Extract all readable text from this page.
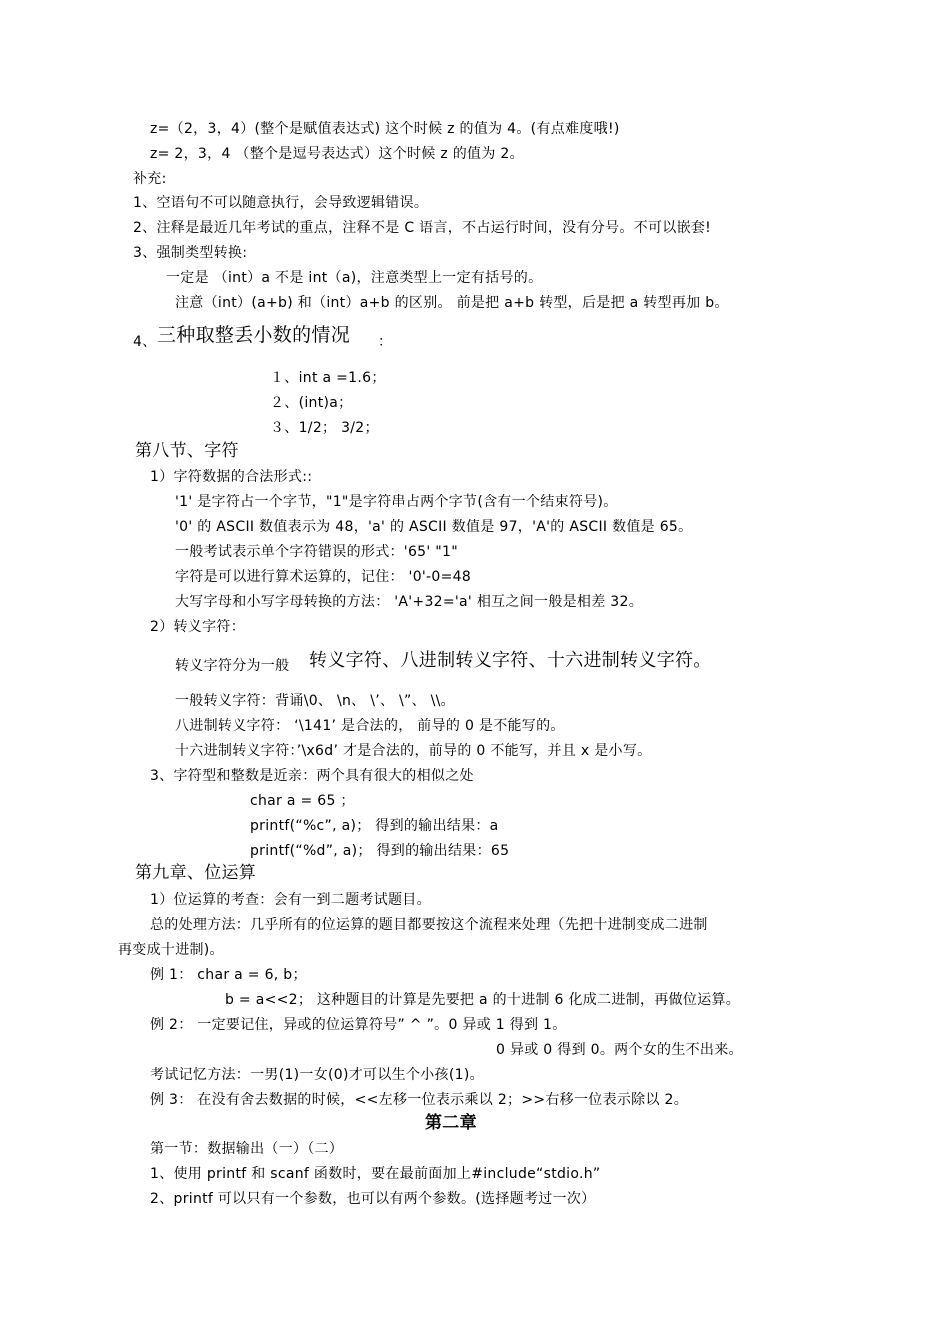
z=（2，3，4）(整个是赋值表达式) 这个时候 z 的值为 4。(有点难度哦!)
z= 2，3，4 （整个是逗号表达式）这个时候 z 的值为 2。
补充:
1、空语句不可以随意执行，会导致逻辑错误。
2、注释是最近几年考试的重点，注释不是 C 语言，不占运行时间，没有分号。不可以嵌套!
3、强制类型转换:
一定是 （int）a 不是 int（a)，注意类型上一定有括号的。
注意（int）(a+b) 和（int）a+b 的区别。 前是把 a+b 转型，后是把 a 转型再加 b。
4、 三种取整丢小数的情况 ：
１、int a =1.6；
２、(int)a；
３、1/2； 3/2；
第八节、字符
1）字符数据的合法形式::
'1' 是字符占一个字节，"1"是字符串占两个字节(含有一个结束符号)。
'0' 的 ASCII 数值表示为 48，'a' 的 ASCII 数值是 97，'A'的 ASCII 数值是 65。
一般考试表示单个字符错误的形式：'65' "1"
字符是可以进行算术运算的，记住： '0'-0=48
大写字母和小写字母转换的方法： 'A'+32='a' 相互之间一般是相差 32。
2）转义字符：
转义字符分为一般 转义字符、八进制转义字符、十六进制转义字符。
一般转义字符：背诵\0、 \n、 \’、 \”、 \\。
八进制转义字符： ‘\141’ 是合法的， 前导的 0 是不能写的。
十六进制转义字符：’\x6d’ 才是合法的，前导的 0 不能写，并且 x 是小写。
3、字符型和整数是近亲：两个具有很大的相似之处
char a = 65 ；
printf(“%c”, a)； 得到的输出结果：a
printf(“%d”, a)； 得到的输出结果：65
第九章、位运算
1）位运算的考查：会有一到二题考试题目。
总的处理方法：几乎所有的位运算的题目都要按这个流程来处理（先把十进制变成二进制
再变成十进制)。
例 1： char a = 6, b；
b = a<<2； 这种题目的计算是先要把 a 的十进制 6 化成二进制，再做位运算。
例 2： 一定要记住，异或的位运算符号” ^ ”。0 异或 1 得到 1。
0 异或 0 得到 0。两个女的生不出来。
考试记忆方法：一男(1)一女(0)才可以生个小孩(1)。
例 3： 在没有舍去数据的时候，<<左移一位表示乘以 2；>>右移一位表示除以 2。
第二章
第一节：数据输出（一）（二）
1、使用 printf 和 scanf 函数时，要在最前面加上#include“stdio.h”
2、printf 可以只有一个参数，也可以有两个参数。(选择题考过一次）
